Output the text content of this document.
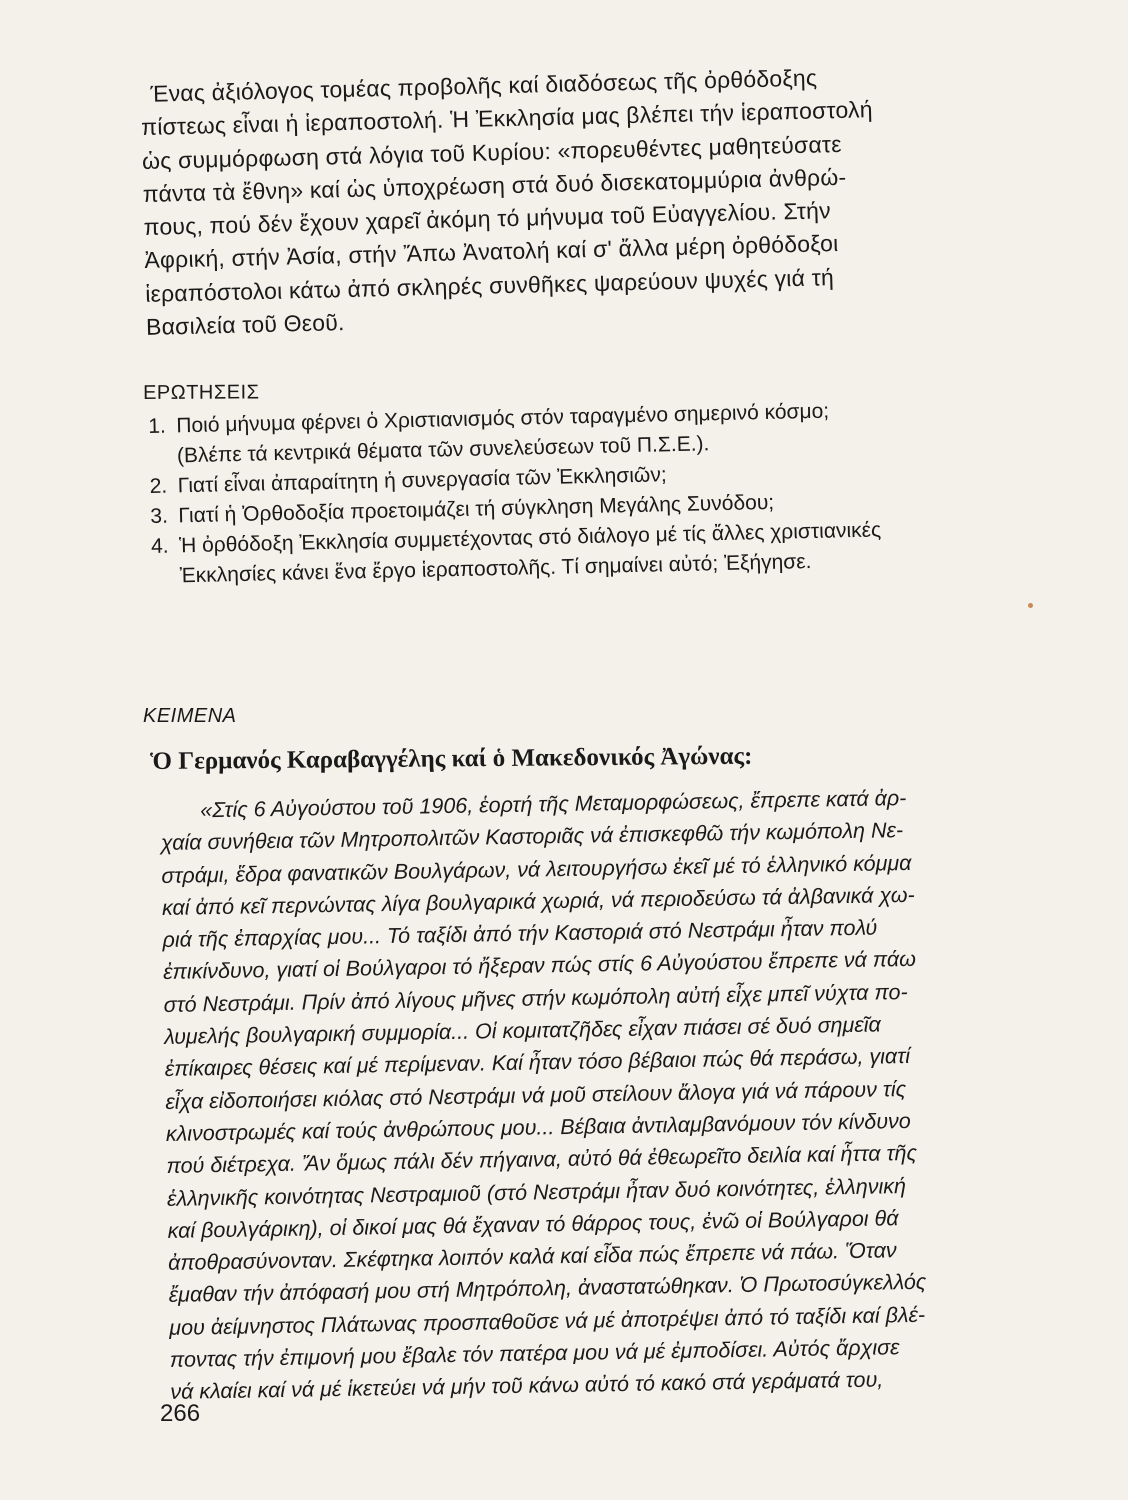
Ένας ἀξιόλογος τομέας προβολῆς καί διαδόσεως τῆς ὀρθόδοξης

πίστεως εἶναι ἡ ἱεραποστολή. Ἡ Ἐκκλησία μας βλέπει τήν ἱεραποστολή

ὡς συμμόρφωση στά λόγια τοῦ Κυρίου: «πορευθέντες μαθητεύσατε

πάντα τὰ ἔθνη» καί ὡς ὑποχρέωση στά δυό δισεκατομμύρια ἀνθρώ-

πους, πού δέν ἔχουν χαρεῖ ἀκόμη τό μήνυμα τοῦ Εὐαγγελίου. Στήν

Ἀφρική, στήν Ἀσία, στήν Ἄπω Ἀνατολή καί σ' ἄλλα μέρη ὀρθόδοξοι

ἱεραπόστολοι κάτω ἀπό σκληρές συνθῆκες ψαρεύουν ψυχές γιά τή

Βασιλεία τοῦ Θεοῦ.

ΕΡΩΤΗΣΕΙΣ

1. Ποιό μήνυμα φέρνει ὁ Χριστιανισμός στόν ταραγμένο σημερινό κόσμο;

(Βλέπε τά κεντρικά θέματα τῶν συνελεύσεων τοῦ Π.Σ.Ε.).

2. Γιατί εἶναι ἀπαραίτητη ἡ συνεργασία τῶν Ἐκκλησιῶν;

3. Γιατί ἡ Ὀρθοδοξία προετοιμάζει τή σύγκληση Μεγάλης Συνόδου;

4. Ἡ ὀρθόδοξη Ἐκκλησία συμμετέχοντας στό διάλογο μέ τίς ἄλλες χριστιανικές

Ἐκκλησίες κάνει ἕνα ἔργο ἱεραποστολῆς. Τί σημαίνει αὐτό; Ἐξήγησε.

ΚΕΙΜΕΝΑ
Ὁ Γερμανός Καραβαγγέλης καί ὁ Μακεδονικός Ἀγώνας:

«Στίς 6 Αὐγούστου τοῦ 1906, ἑορτή τῆς Μεταμορφώσεως, ἔπρεπε κατά ἀρ-

χαία συνήθεια τῶν Μητροπολιτῶν Καστοριᾶς νά ἐπισκεφθῶ τήν κωμόπολη Νε-

στράμι, ἕδρα φανατικῶν Βουλγάρων, νά λειτουργήσω ἐκεῖ μέ τό ἑλληνικό κόμμα

καί ἀπό κεῖ περνώντας λίγα βουλγαρικά χωριά, νά περιοδεύσω τά ἀλβανικά χω-

ριά τῆς ἐπαρχίας μου... Τό ταξίδι ἀπό τήν Καστοριά στό Νεστράμι ἦταν πολύ

ἐπικίνδυνο, γιατί οἱ Βούλγαροι τό ἤξεραν πώς στίς 6 Αὐγούστου ἔπρεπε νά πάω

στό Νεστράμι. Πρίν ἀπό λίγους μῆνες στήν κωμόπολη αὐτή εἶχε μπεῖ νύχτα πο-

λυμελής βουλγαρική συμμορία... Οἱ κομιτατζῆδες εἶχαν πιάσει σέ δυό σημεῖα

ἐπίκαιρες θέσεις καί μέ περίμεναν. Καί ἦταν τόσο βέβαιοι πώς θά περάσω, γιατί

εἶχα εἰδοποιήσει κιόλας στό Νεστράμι νά μοῦ στείλουν ἄλογα γιά νά πάρουν τίς

κλινοστρωμές καί τούς ἀνθρώπους μου... Βέβαια ἀντιλαμβανόμουν τόν κίνδυνο

πού διέτρεχα. Ἄν ὅμως πάλι δέν πήγαινα, αὐτό θά ἐθεωρεῖτο δειλία καί ἧττα τῆς

ἑλληνικῆς κοινότητας Νεστραμιοῦ (στό Νεστράμι ἦταν δυό κοινότητες, ἑλληνική

καί βουλγάρικη), οἱ δικοί μας θά ἔχαναν τό θάρρος τους, ἐνῶ οἱ Βούλγαροι θά

ἀποθρασύνονταν. Σκέφτηκα λοιπόν καλά καί εἶδα πώς ἔπρεπε νά πάω. Ὅταν

ἔμαθαν τήν ἀπόφασή μου στή Μητρόπολη, ἀναστατώθηκαν. Ὁ Πρωτοσύγκελλός

μου ἀείμνηστος Πλάτωνας προσπαθοῦσε νά μέ ἀποτρέψει ἀπό τό ταξίδι καί βλέ-

ποντας τήν ἐπιμονή μου ἔβαλε τόν πατέρα μου νά μέ ἐμποδίσει. Αὐτός ἄρχισε

νά κλαίει καί νά μέ ἱκετεύει νά μήν τοῦ κάνω αὐτό τό κακό στά γεράματά του,

266
